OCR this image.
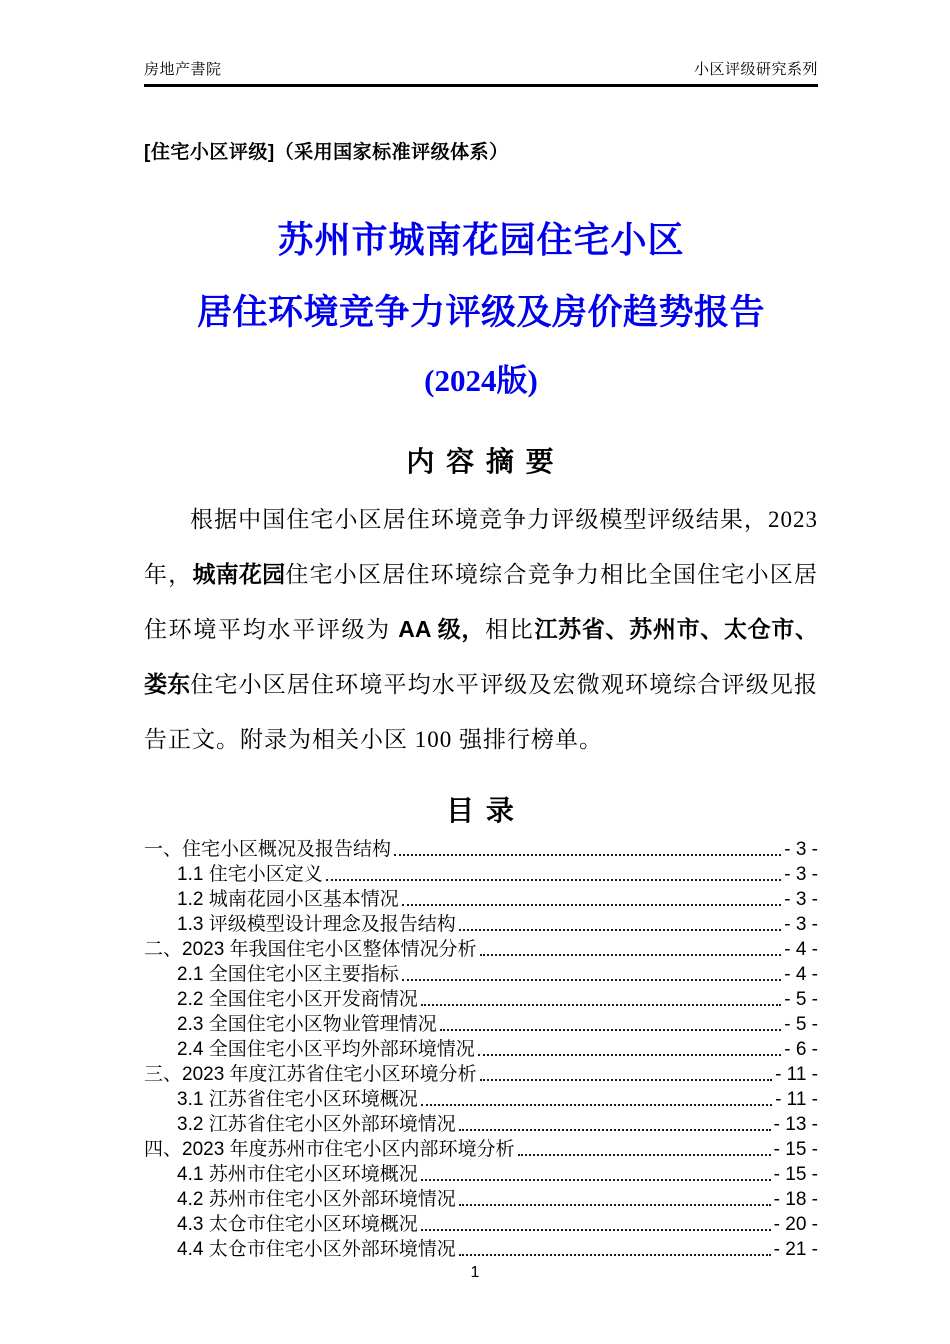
房地产書院	小区评级研究系列
[住宅小区评级]（采用国家标准评级体系）
苏州市城南花园住宅小区
居住环境竞争力评级及房价趋势报告
(2024版)
内 容 摘 要
根据中国住宅小区居住环境竞争力评级模型评级结果，2023 年，城南花园住宅小区居住环境综合竞争力相比全国住宅小区居住环境平均水平评级为 AA 级，相比江苏省、苏州市、太仓市、娄东住宅小区居住环境平均水平评级及宏微观环境综合评级见报告正文。附录为相关小区 100 强排行榜单。
目 录
一、住宅小区概况及报告结构	- 3 -
1.1 住宅小区定义	- 3 -
1.2 城南花园小区基本情况	- 3 -
1.3 评级模型设计理念及报告结构	- 3 -
二、2023 年我国住宅小区整体情况分析	- 4 -
2.1 全国住宅小区主要指标	- 4 -
2.2 全国住宅小区开发商情况	- 5 -
2.3 全国住宅小区物业管理情况	- 5 -
2.4 全国住宅小区平均外部环境情况	- 6 -
三、2023 年度江苏省住宅小区环境分析	- 11 -
3.1 江苏省住宅小区环境概况	- 11 -
3.2 江苏省住宅小区外部环境情况	- 13 -
四、2023 年度苏州市住宅小区内部环境分析	- 15 -
4.1 苏州市住宅小区环境概况	- 15 -
4.2 苏州市住宅小区外部环境情况	- 18 -
4.3 太仓市住宅小区环境概况	- 20 -
4.4 太仓市住宅小区外部环境情况	- 21 -
1
